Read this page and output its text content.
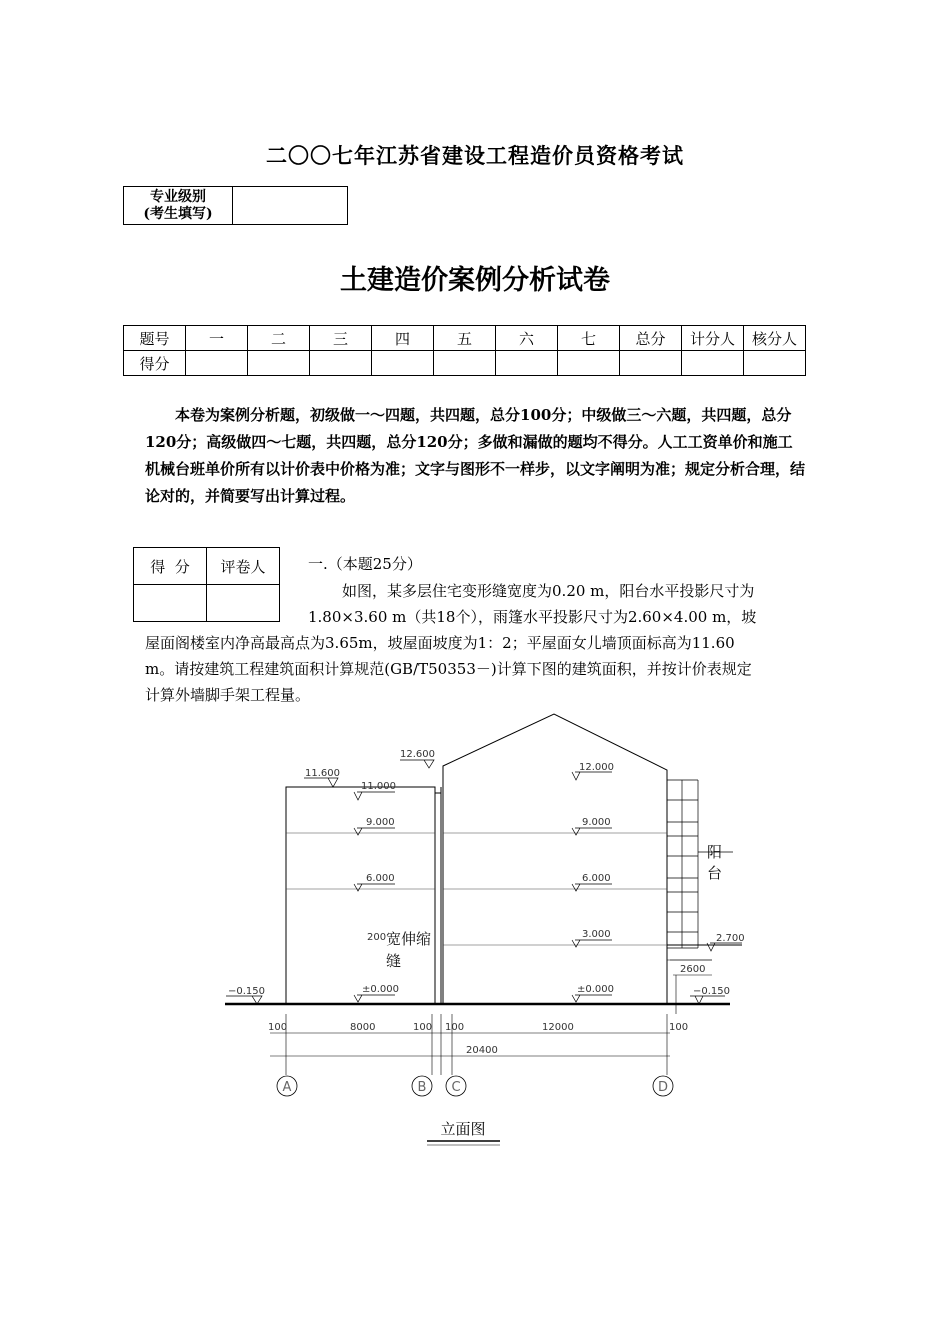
二〇〇七年江苏省建设工程造价员资格考试
专业级别
(考生填写)	
土建造价案例分析试卷
题号	一	二	三	四	五	六	七	总分	计分人	核分人
得分										
本卷为案例分析题，初级做一～四题，共四题，总分100分；中级做三～六题，共四题，总分120分；高级做四～七题，共四题，总分120分；多做和漏做的题均不得分。人工工资单价和施工机械台班单价所有以计价表中价格为准；文字与图形不一样步，以文字阐明为准；规定分析合理，结论对的，并简要写出计算过程。
得  分	评卷人
		一.（本题25分）
如图，某多层住宅变形缝宽度为0.20 m，阳台水平投影尺寸为
1.80×3.60 m（共18个），雨篷水平投影尺寸为2.60×4.00 m，坡
屋面阁楼室内净高最高点为3.65m，坡屋面坡度为1：2；平屋面女儿墙顶面标高为11.60
m。请按建筑工程建筑面积计算规范(GB/T50353－)计算下图的建筑面积，并按计价表规定
计算外墙脚手架工程量。
12.600
11.600
11.000
12.000
9.000	9.000
6.000	6.000
3.000
±0.000	±0.000
−0.150	−0.150
2.700
100	8000	100 100	12000	100
20400
2600
200
A	B C	D
阳
台
宽伸缩
缝
立面图
